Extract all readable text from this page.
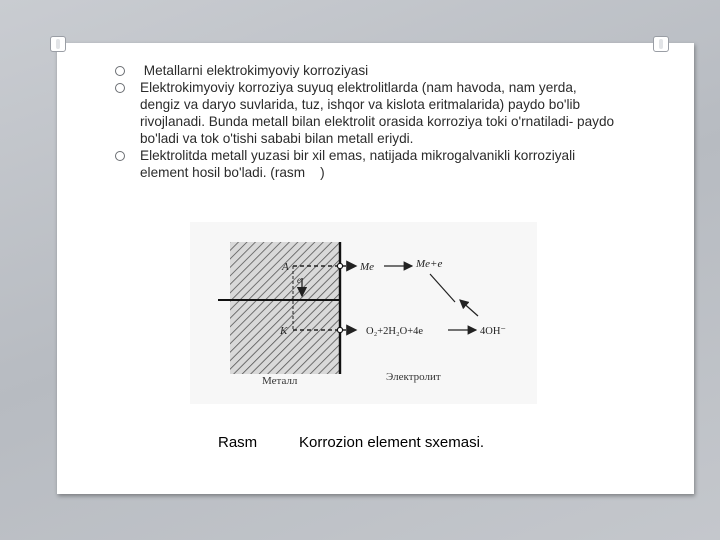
Metallarni elektrokimyoviy korroziyasi
Elektrokimyoviy korroziya suyuq elektrolitlarda (nam havoda, nam yerda, dengiz va daryo suvlarida, tuz, ishqor va kislota eritmalarida) paydo bo'lib rivojlanadi. Bunda metall bilan elektrolit orasida korroziya toki o'rnatiladi- paydo bo'ladi va tok o'tishi sababi bilan metall eriydi.
Elektrolitda metall yuzasi bir xil emas, natijada mikrogalvanikli korroziyali element hosil bo'ladi. (rasm    )
A
e
K
Me	Me+e
O₂+2H₂O+4e	4OH⁻
Металл	Электролит
Rasm	Korrozion element sxemasi.
